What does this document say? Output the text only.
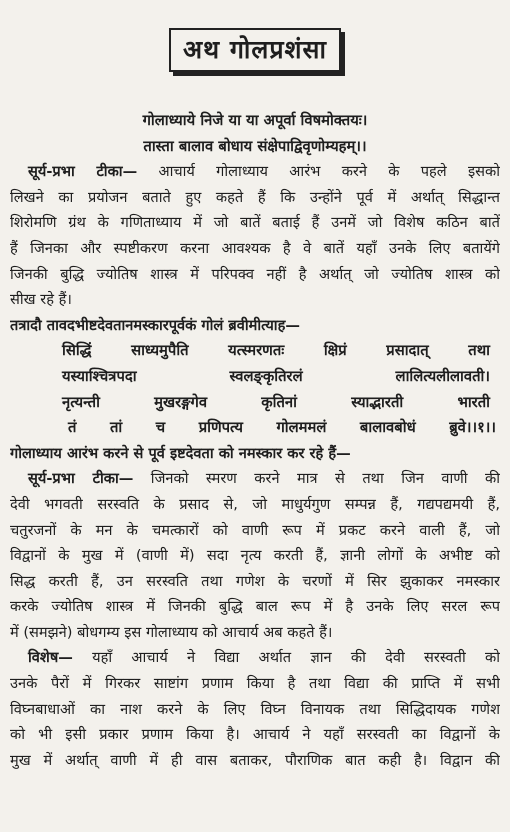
अथ गोलप्रशंसा
गोलाध्याये निजे या या अपूर्वा विषमोक्तयः।
तास्ता बालाव बोधाय संक्षेपाद्विवृणोम्यहम्।।
सूर्य-प्रभा टीका— आचार्य गोलाध्याय आरंभ करने के पहले इसको
लिखने का प्रयोजन बताते हुए कहते हैं कि उन्होंने पूर्व में अर्थात् सिद्धान्त
शिरोमणि ग्रंथ के गणिताध्याय में जो बातें बताई हैं उनमें जो विशेष कठिन बातें
हैं जिनका और स्पष्टीकरण करना आवश्यक है वे बातें यहाँ उनके लिए बतायेंगे
जिनकी बुद्धि ज्योतिष शास्त्र में परिपक्व नहीं है अर्थात् जो ज्योतिष शास्त्र को
सीख रहे हैं।
तत्रादौ तावदभीष्टदेवतानमस्कारपूर्वकं गोलं ब्रवीमीत्याह—
सिद्धिं साध्यमुपैति यत्स्मरणतः क्षिप्रं प्रसादात् तथा
यस्याश्चित्रपदा स्वलङ्कृतिरलं लालित्यलीलावती।
नृत्यन्ती मुखरङ्गगेव कृतिनां स्याद्भारती भारती
तं तां च प्रणिपत्य गोलममलं बालावबोधं ब्रुवे।।१।।
गोलाध्याय आरंभ करने से पूर्व इष्टदेवता को नमस्कार कर रहे हैं—
सूर्य-प्रभा टीका— जिनको स्मरण करने मात्र से तथा जिन वाणी की
देवी भगवती सरस्वति के प्रसाद से, जो माधुर्यगुण सम्पन्न हैं, गद्यपद्यमयी हैं,
चतुरजनों के मन के चमत्कारों को वाणी रूप में प्रकट करने वाली हैं, जो
विद्वानों के मुख में (वाणी में) सदा नृत्य करती हैं, ज्ञानी लोगों के अभीष्ट को
सिद्ध करती हैं, उन सरस्वति तथा गणेश के चरणों में सिर झुकाकर नमस्कार
करके ज्योतिष शास्त्र में जिनकी बुद्धि बाल रूप में है उनके लिए सरल रूप
में (समझने) बोधगम्य इस गोलाध्याय को आचार्य अब कहते हैं।
विशेष— यहाँ आचार्य ने विद्या अर्थात ज्ञान की देवी सरस्वती को
उनके पैरों में गिरकर साष्टांग प्रणाम किया है तथा विद्या की प्राप्ति में सभी
विघ्नबाधाओं का नाश करने के लिए विघ्न विनायक तथा सिद्धिदायक गणेश
को भी इसी प्रकार प्रणाम किया है। आचार्य ने यहाँ सरस्वती का विद्वानों के
मुख में अर्थात् वाणी में ही वास बताकर, पौराणिक बात कही है। विद्वान की
